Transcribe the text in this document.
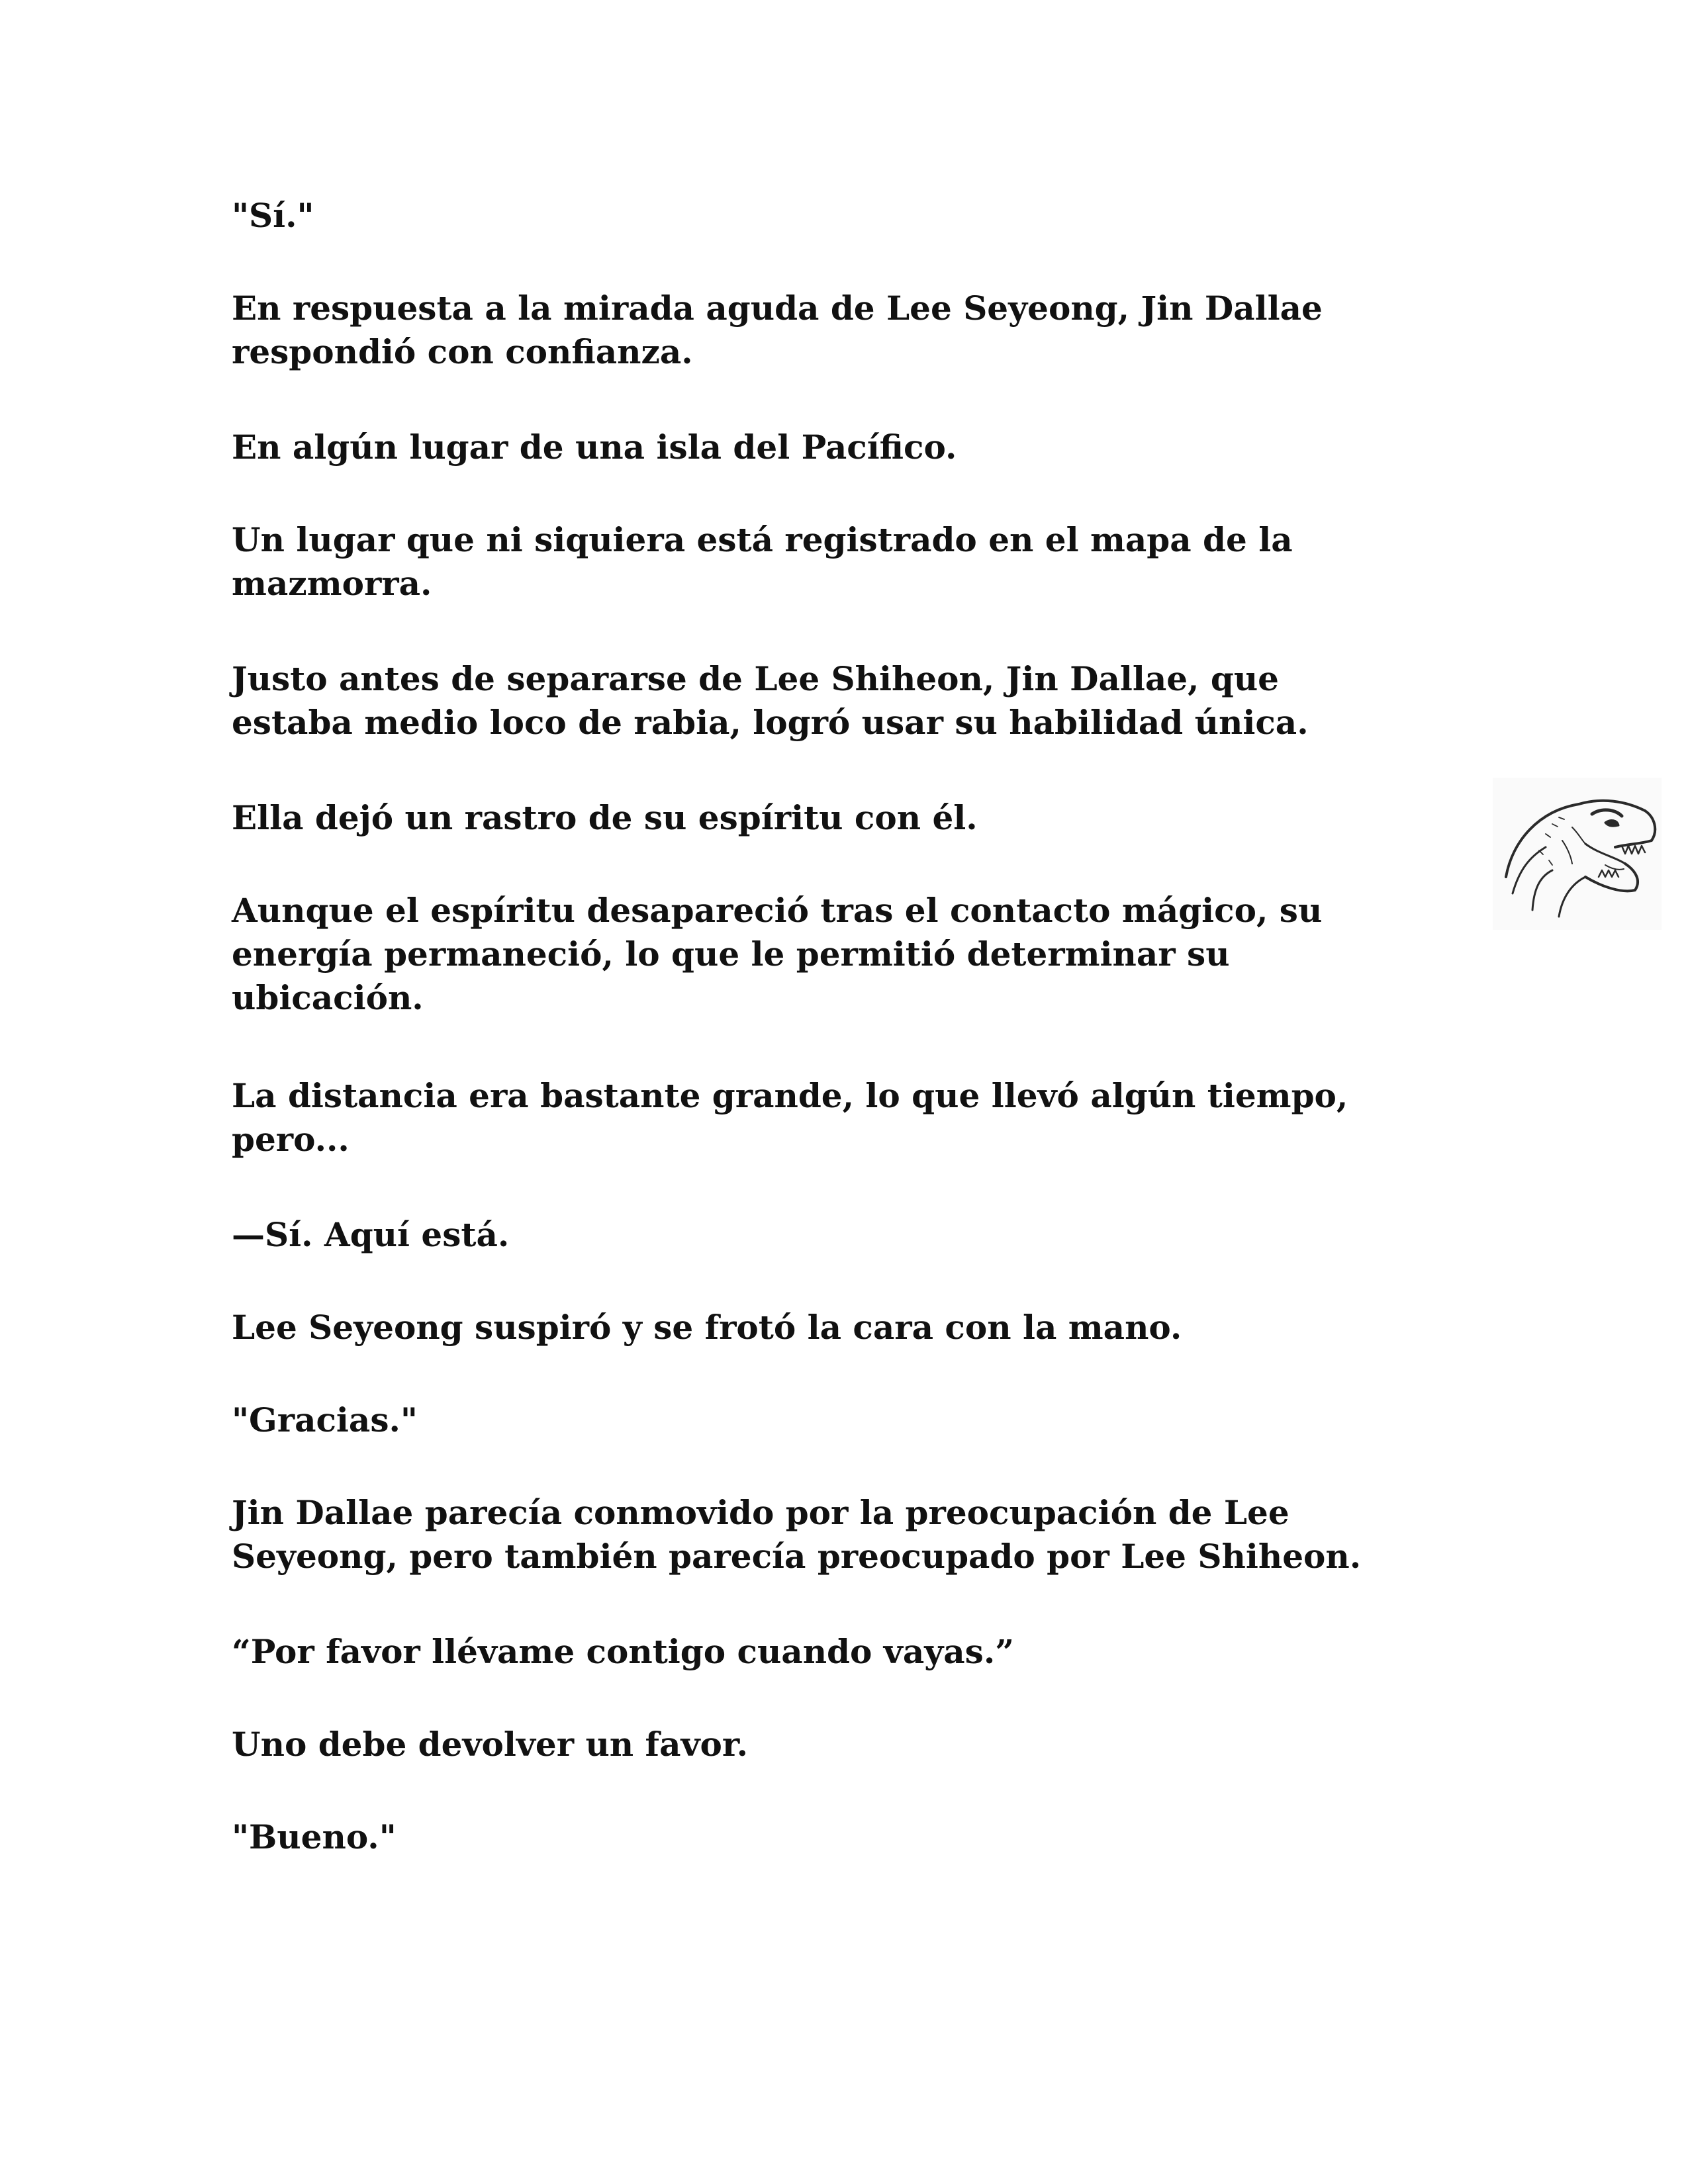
"Sí."

En respuesta a la mirada aguda de Lee Seyeong, Jin Dallae
respondió con confianza.

En algún lugar de una isla del Pacífico.

Un lugar que ni siquiera está registrado en el mapa de la
mazmorra.

Justo antes de separarse de Lee Shiheon, Jin Dallae, que
estaba medio loco de rabia, logró usar su habilidad única.

Ella dejó un rastro de su espíritu con él.

Aunque el espíritu desapareció tras el contacto mágico, su
energía permaneció, lo que le permitió determinar su
ubicación.

La distancia era bastante grande, lo que llevó algún tiempo,
pero...

—Sí. Aquí está.

Lee Seyeong suspiró y se frotó la cara con la mano.

"Gracias."

Jin Dallae parecía conmovido por la preocupación de Lee
Seyeong, pero también parecía preocupado por Lee Shiheon.

“Por favor llévame contigo cuando vayas.”

Uno debe devolver un favor.

"Bueno."
